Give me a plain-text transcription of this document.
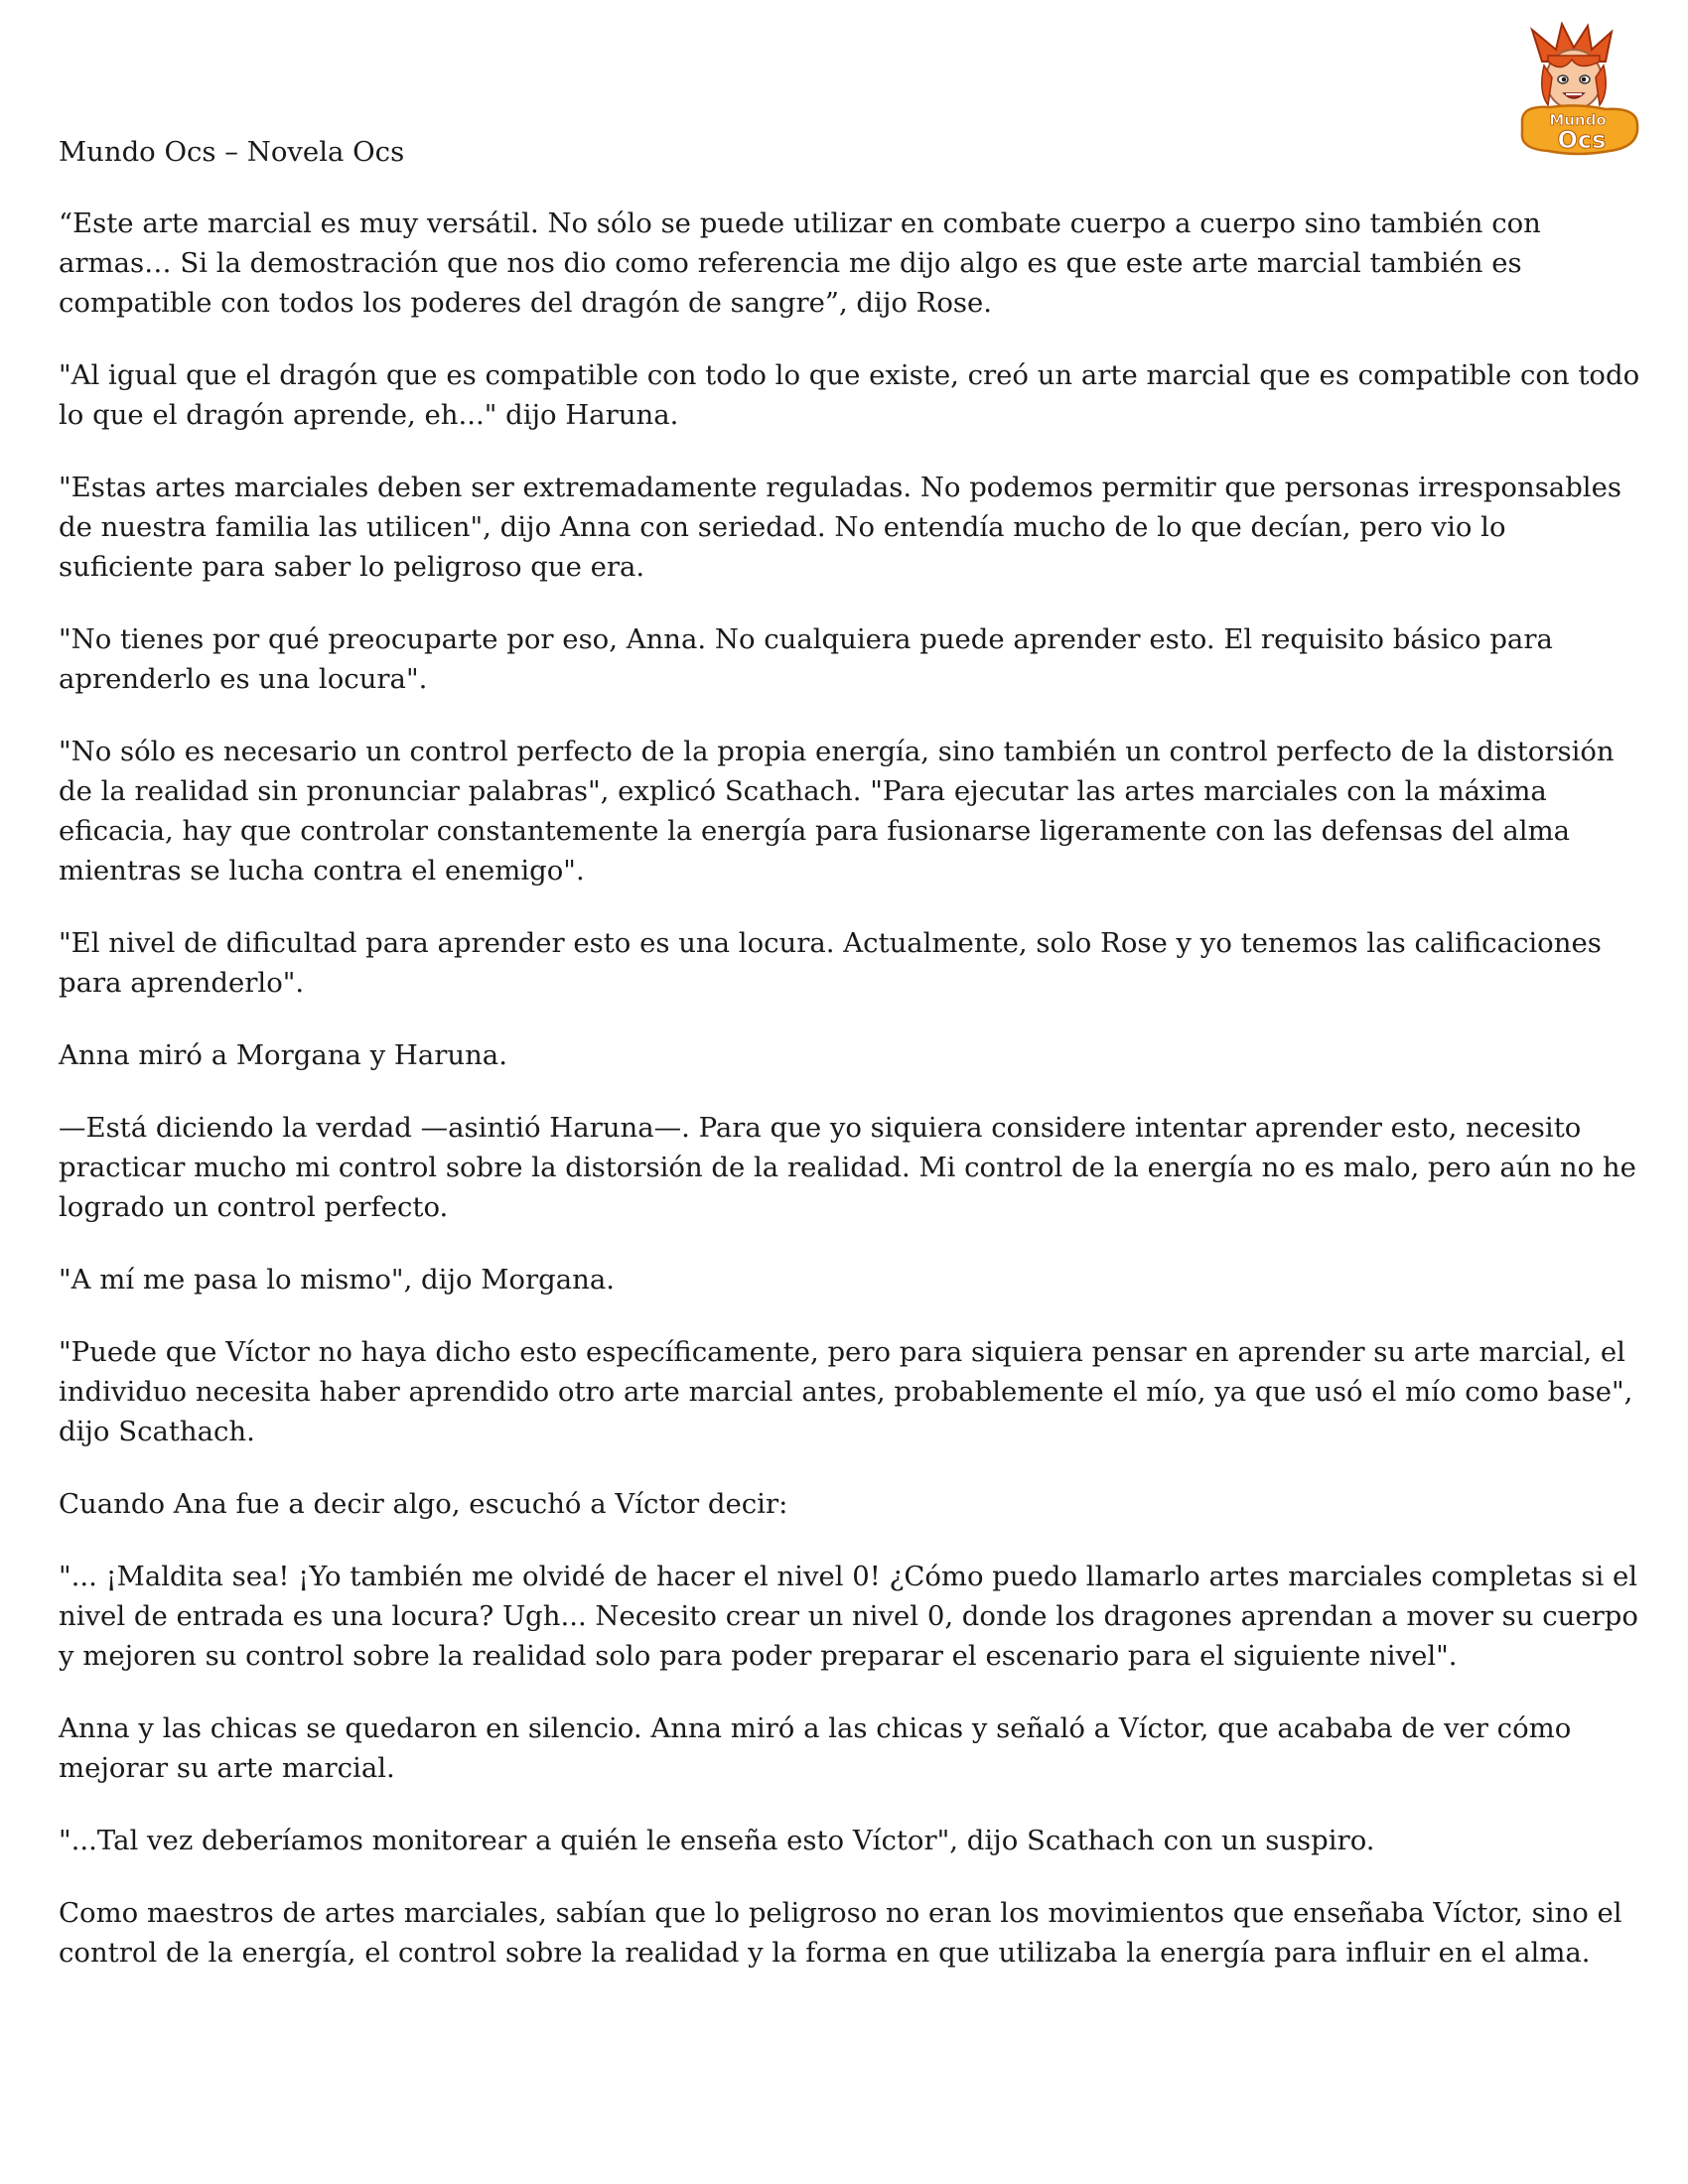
Mundo
Ocs
Mundo Ocs – Novela Ocs

“Este arte marcial es muy versátil. No sólo se puede utilizar en combate cuerpo a cuerpo sino también con armas… Si la demostración que nos dio como referencia me dijo algo es que este arte marcial también es compatible con todos los poderes del dragón de sangre”, dijo Rose.

"Al igual que el dragón que es compatible con todo lo que existe, creó un arte marcial que es compatible con todo lo que el dragón aprende, eh..." dijo Haruna.

"Estas artes marciales deben ser extremadamente reguladas. No podemos permitir que personas irresponsables de nuestra familia las utilicen", dijo Anna con seriedad. No entendía mucho de lo que decían, pero vio lo suficiente para saber lo peligroso que era.

"No tienes por qué preocuparte por eso, Anna. No cualquiera puede aprender esto. El requisito básico para aprenderlo es una locura".

"No sólo es necesario un control perfecto de la propia energía, sino también un control perfecto de la distorsión de la realidad sin pronunciar palabras", explicó Scathach. "Para ejecutar las artes marciales con la máxima eficacia, hay que controlar constantemente la energía para fusionarse ligeramente con las defensas del alma mientras se lucha contra el enemigo".

"El nivel de dificultad para aprender esto es una locura. Actualmente, solo Rose y yo tenemos las calificaciones para aprenderlo".

Anna miró a Morgana y Haruna.

—Está diciendo la verdad —asintió Haruna—. Para que yo siquiera considere intentar aprender esto, necesito practicar mucho mi control sobre la distorsión de la realidad. Mi control de la energía no es malo, pero aún no he logrado un control perfecto.

"A mí me pasa lo mismo", dijo Morgana.

"Puede que Víctor no haya dicho esto específicamente, pero para siquiera pensar en aprender su arte marcial, el individuo necesita haber aprendido otro arte marcial antes, probablemente el mío, ya que usó el mío como base", dijo Scathach.

Cuando Ana fue a decir algo, escuchó a Víctor decir:

"... ¡Maldita sea! ¡Yo también me olvidé de hacer el nivel 0! ¿Cómo puedo llamarlo artes marciales completas si el nivel de entrada es una locura? Ugh... Necesito crear un nivel 0, donde los dragones aprendan a mover su cuerpo y mejoren su control sobre la realidad solo para poder preparar el escenario para el siguiente nivel".

Anna y las chicas se quedaron en silencio. Anna miró a las chicas y señaló a Víctor, que acababa de ver cómo mejorar su arte marcial.

"...Tal vez deberíamos monitorear a quién le enseña esto Víctor", dijo Scathach con un suspiro.

Como maestros de artes marciales, sabían que lo peligroso no eran los movimientos que enseñaba Víctor, sino el control de la energía, el control sobre la realidad y la forma en que utilizaba la energía para influir en el alma.
